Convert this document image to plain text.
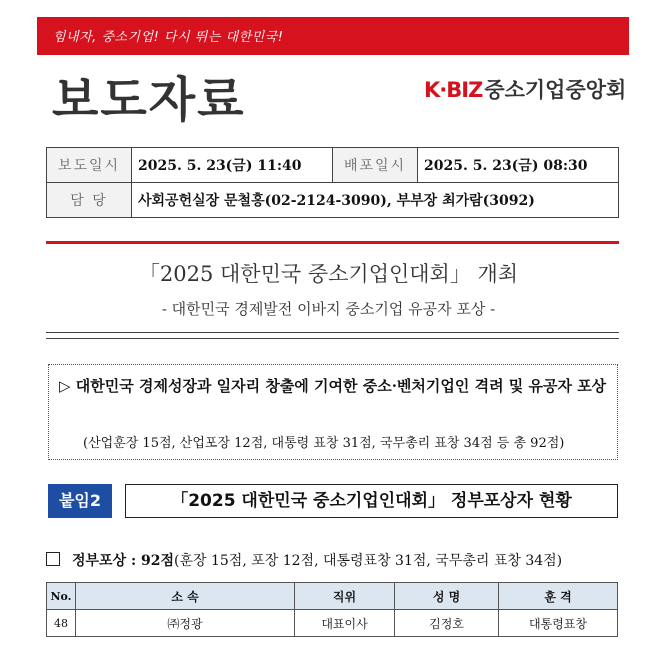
힘내자, 중소기업! 다시 뛰는 대한민국!
보도자료	K·BIZ중소기업중앙회
보도일시	2025. 5. 23(금) 11:40	배포일시	2025. 5. 23(금) 08:30
담 당	사회공헌실장 문철홍(02-2124-3090), 부부장 최가람(3092)		
「2025 대한민국 중소기업인대회」 개최
- 대한민국 경제발전 이바지 중소기업 유공자 포상 -
▷ 대한민국 경제성장과 일자리 창출에 기여한 중소·벤처기업인 격려 및 유공자 포상
(산업훈장 15점, 산업포장 12점, 대통령 표창 31점, 국무총리 표창 34점 등 총 92점)
붙임2	「2025 대한민국 중소기업인대회」 정부포상자 현황
정부포상 : 92점(훈장 15점, 포장 12점, 대통령표창 31점, 국무총리 표창 34점)
No.	소 속	직위	성 명	훈 격
48	㈜정광	대표이사	김정호	대통령표창
